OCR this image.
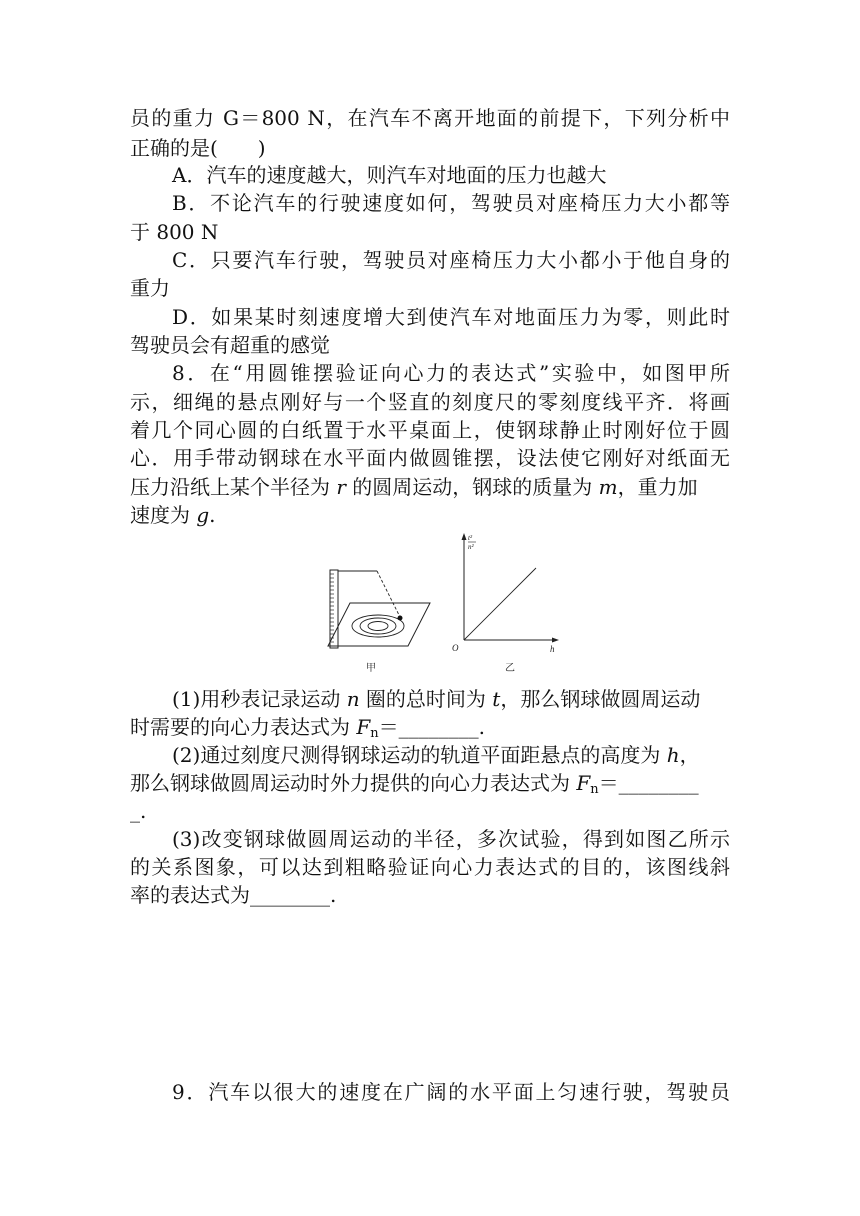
员的重力 G＝800 N，在汽车不离开地面的前提下，下列分析中
正确的是(　　)
A．汽车的速度越大，则汽车对地面的压力也越大
B．不论汽车的行驶速度如何，驾驶员对座椅压力大小都等
于 800 N
C．只要汽车行驶，驾驶员对座椅压力大小都小于他自身的
重力
D．如果某时刻速度增大到使汽车对地面压力为零，则此时
驾驶员会有超重的感觉
8．在“用圆锥摆验证向心力的表达式”实验中，如图甲所
示，细绳的悬点刚好与一个竖直的刻度尺的零刻度线平齐．将画
着几个同心圆的白纸置于水平桌面上，使钢球静止时刚好位于圆
心．用手带动钢球在水平面内做圆锥摆，设法使它刚好对纸面无
压力沿纸上某个半径为 r 的圆周运动，钢球的质量为 m，重力加
速度为 g.
甲
O	h
t²
n²
乙
(1)用秒表记录运动 n 圈的总时间为 t，那么钢球做圆周运动
时需要的向心力表达式为 $F_n=\_\_\_\_\_\_\_\_$.
(2)通过刻度尺测得钢球运动的轨道平面距悬点的高度为 h，
那么钢球做圆周运动时外力提供的向心力表达式为 $F_n=\_\_\_\_\_\_\_\_$
_.
(3)改变钢球做圆周运动的半径，多次试验，得到如图乙所示
的关系图象，可以达到粗略验证向心力表达式的目的，该图线斜
率的表达式为________.
9．汽车以很大的速度在广阔的水平面上匀速行驶，驾驶员
